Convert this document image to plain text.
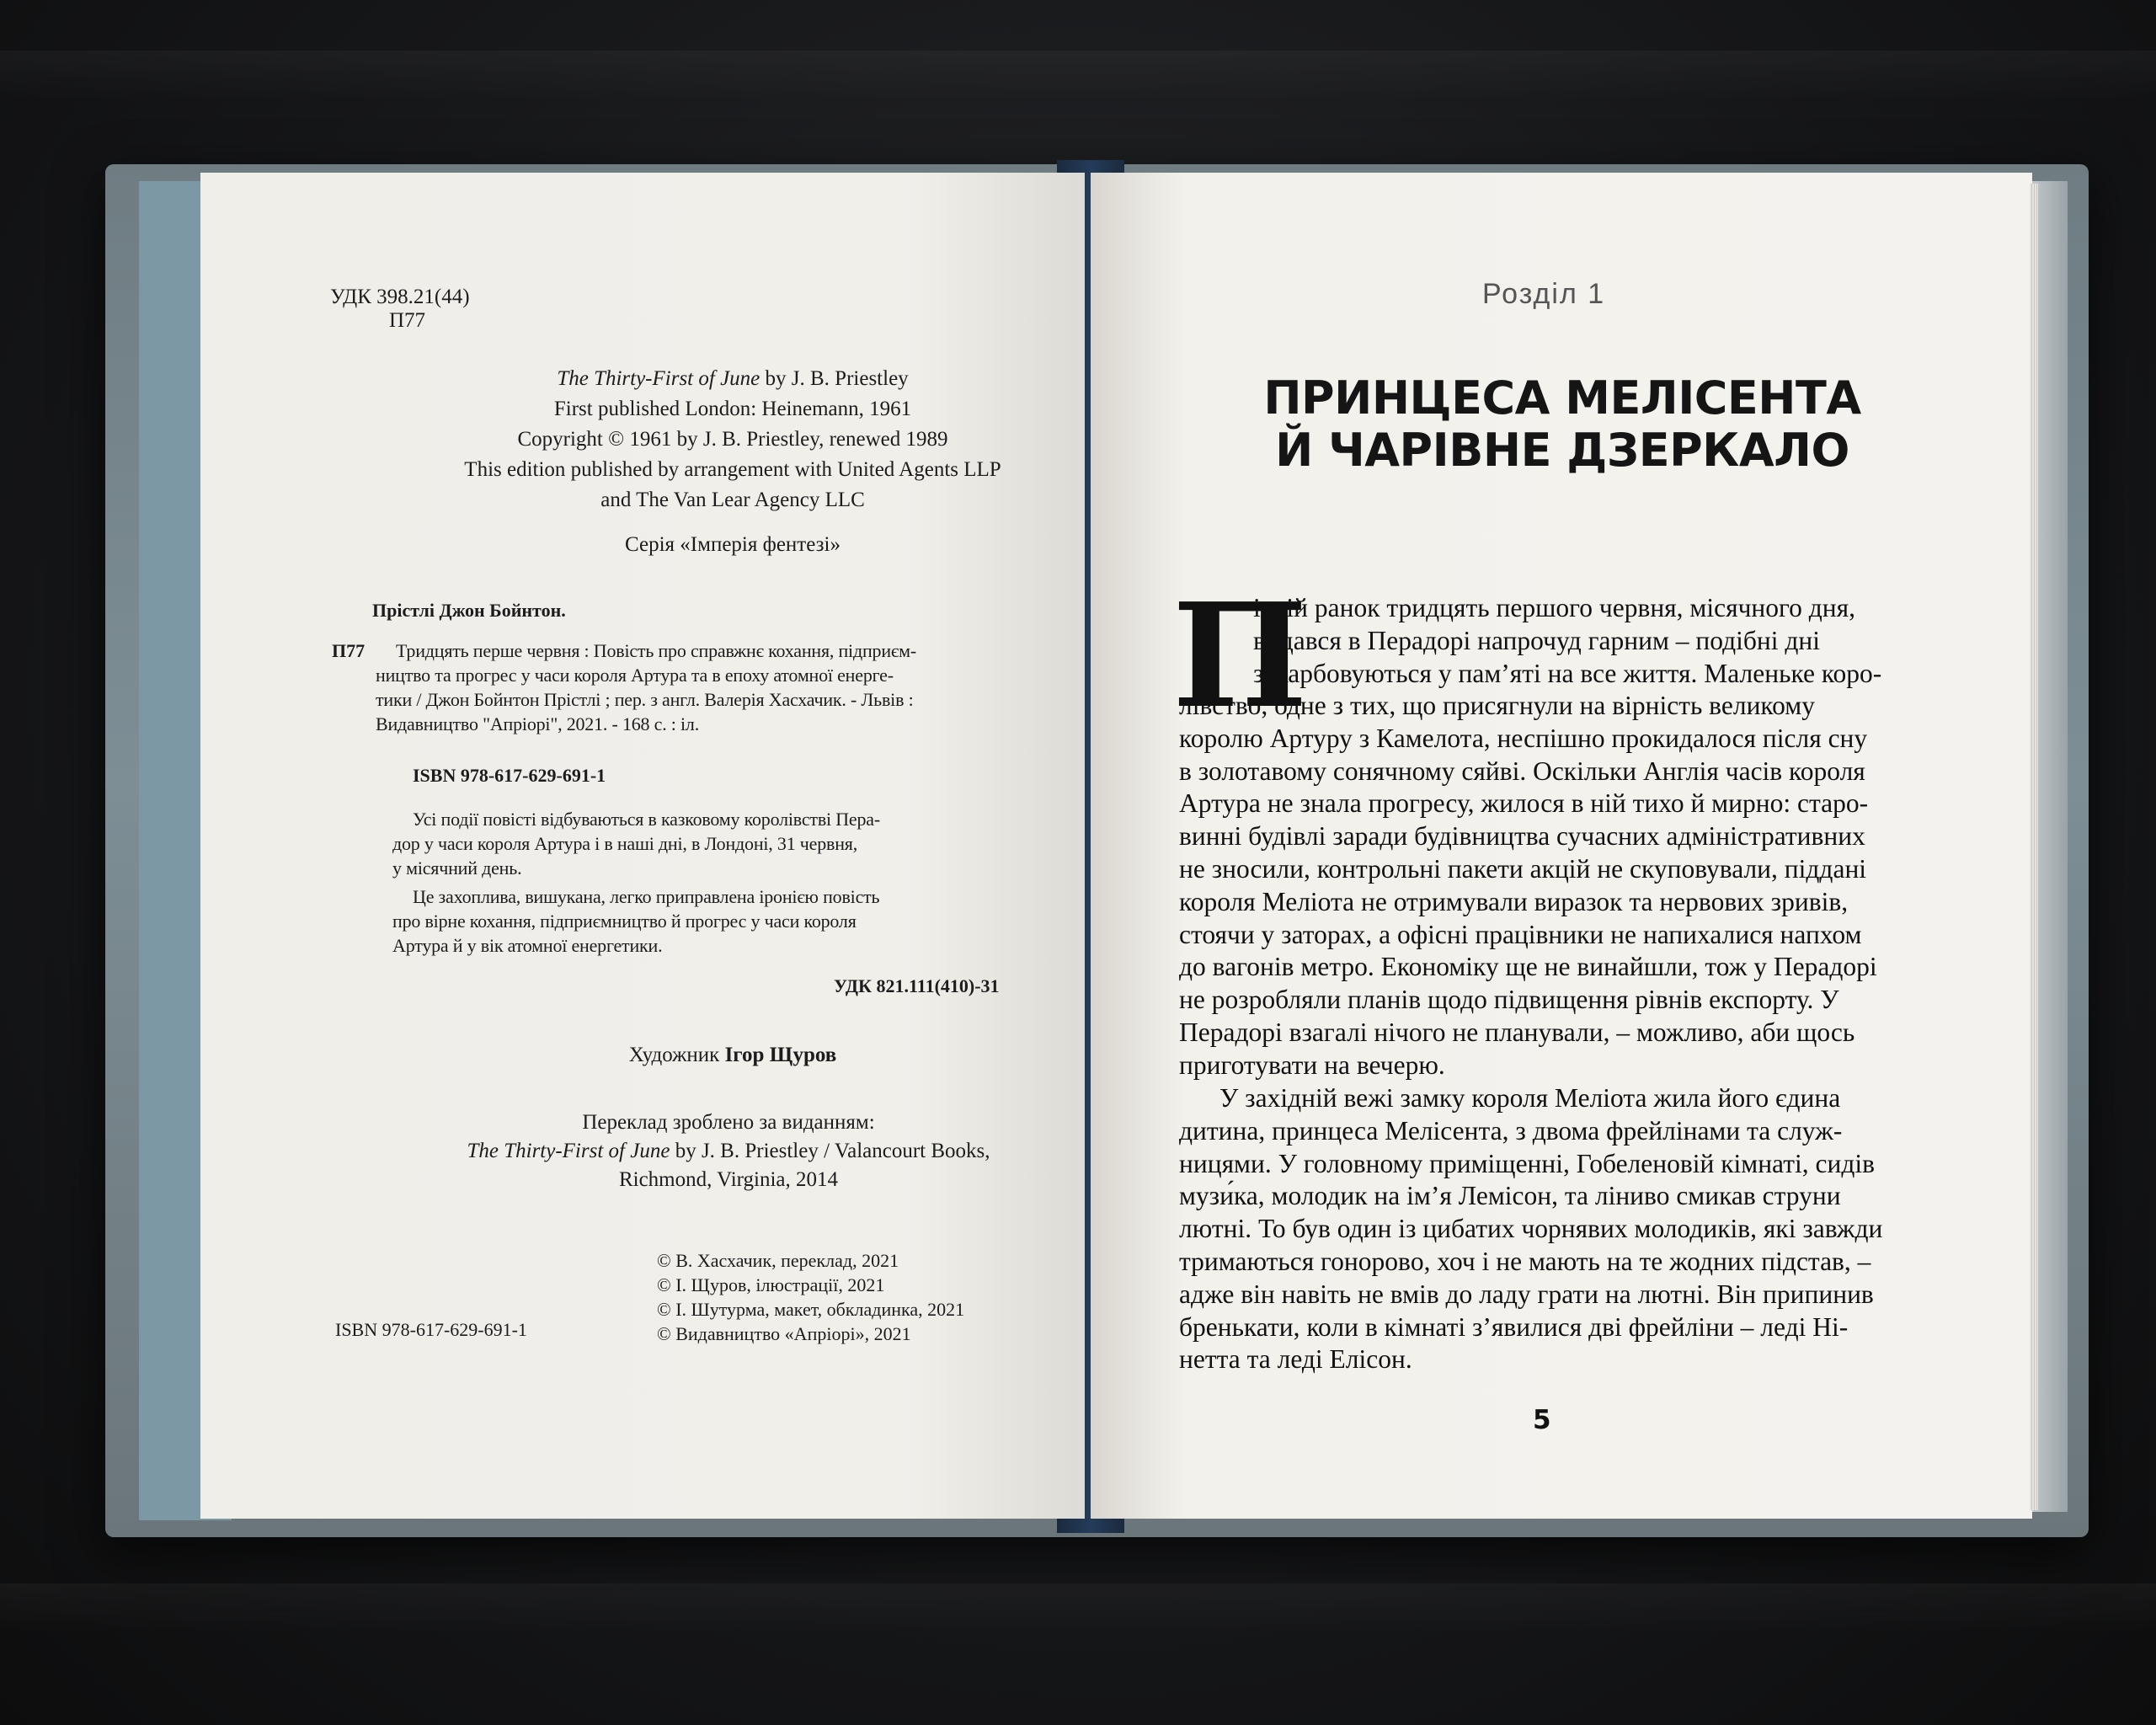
УДК 398.21(44)
П77
The Thirty-First of June by J. B. Priestley
First published London: Heinemann, 1961
Copyright © 1961 by J. B. Priestley, renewed 1989
This edition published by arrangement with United Agents LLP
and The Van Lear Agency LLC
Серія «Імперія фентезі»
Прістлі Джон Бойнтон.
П77 Тридцять перше червня : Повість про справжнє кохання, підприєм-
ництво та прогрес у часи короля Артура та в епоху атомної енерге-
тики / Джон Бойнтон Прістлі ; пер. з англ. Валерія Хасхачик. - Львів :
Видавництво "Апріорі", 2021. - 168 с. : іл.
ISBN 978-617-629-691-1
Усі події повісті відбуваються в казковому королівстві Пера-
дор у часи короля Артура і в наші дні, в Лондоні, 31 червня,
у місячний день.
Це захоплива, вишукана, легко приправлена іронією повість
про вірне кохання, підприємництво й прогрес у часи короля
Артура й у вік атомної енергетики.
УДК 821.111(410)-31
Художник Ігор Щуров
Переклад зроблено за виданням:
The Thirty-First of June by J. B. Priestley / Valancourt Books,
Richmond, Virginia, 2014
ISBN 978-617-629-691-1
© В. Хасхачик, переклад, 2021
© І. Щуров, ілюстрації, 2021
© І. Шутурма, макет, обкладинка, 2021
© Видавництво «Апріорі», 2021
Розділ 1
ПРИНЦЕСА МЕЛІСЕНТА
Й ЧАРІВНЕ ДЗЕРКАЛО
П
ітній ранок тридцять першого червня, місячного дня,
видався в Перадорі напрочуд гарним – подібні дні
закарбовуються у пам’яті на все життя. Маленьке коро-
лівство, одне з тих, що присягнули на вірність великому
королю Артуру з Камелота, неспішно прокидалося після сну
в золотавому сонячному сяйві. Оскільки Англія часів короля
Артура не знала прогресу, жилося в ній тихо й мирно: старо-
винні будівлі заради будівництва сучасних адміністративних
не зносили, контрольні пакети акцій не скуповували, піддані
короля Меліота не отримували виразок та нервових зривів,
стоячи у заторах, а офісні працівники не напихалися напхом
до вагонів метро. Економіку ще не винайшли, тож у Перадорі
не розробляли планів щодо підвищення рівнів експорту. У
Перадорі взагалі нічого не планували, – можливо, аби щось
приготувати на вечерю.
У західній вежі замку короля Меліота жила його єдина
дитина, принцеса Мелісента, з двома фрейлінами та служ-
ницями. У головному приміщенні, Гобеленовій кімнаті, сидів
музи́ка, молодик на ім’я Лемісон, та ліниво смикав струни
лютні. То був один із цибатих чорнявих молодиків, які завжди
тримаються гоноровo, хоч і не мають на те жодних підстав, –
адже він навіть не вмів до ладу грати на лютні. Він припинив
бренькати, коли в кімнаті з’явилися дві фрейліни – леді Ні-
нетта та леді Елісон.
5
